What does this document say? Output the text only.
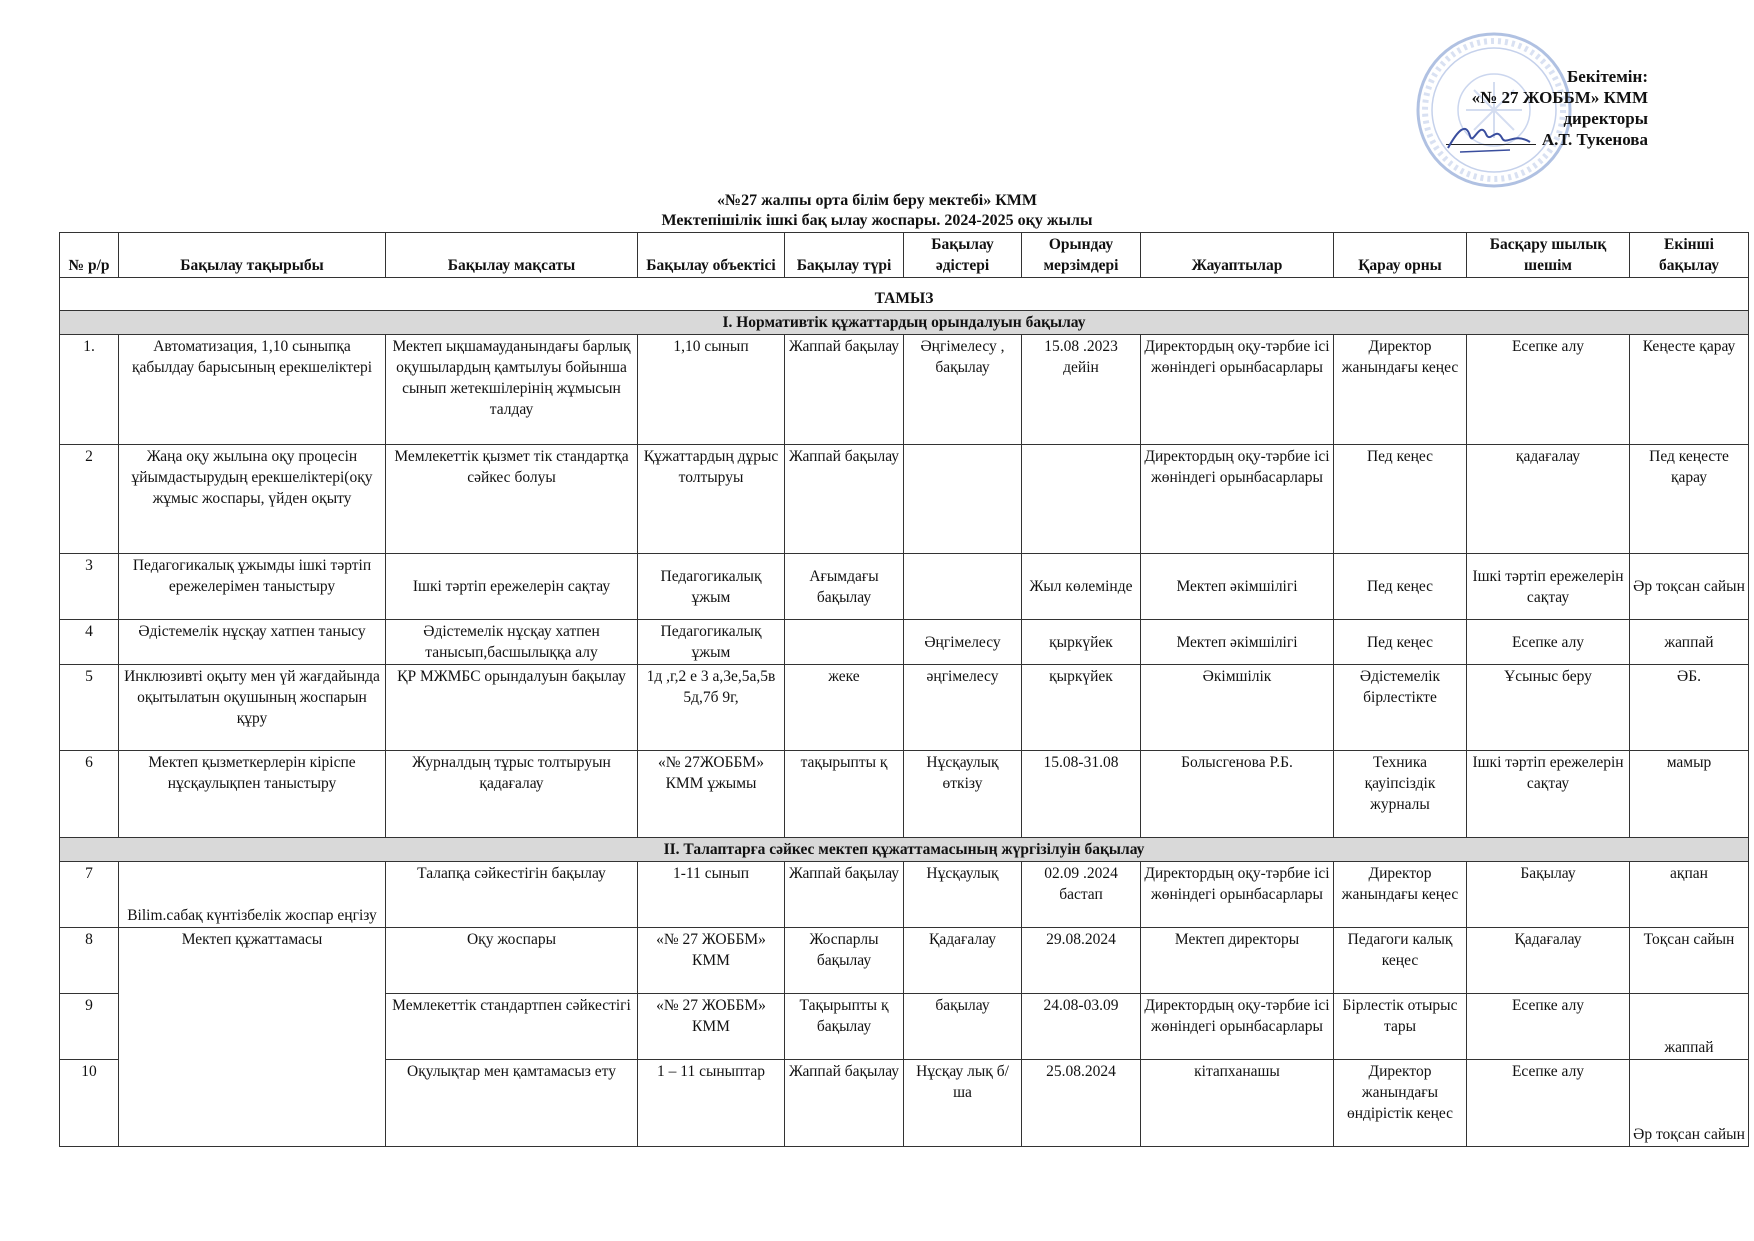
Бекітемін:
«№ 27 ЖОББМ» КММ
директоры
А.Т. Тукенова
«№27 жалпы орта білім беру мектебі» КММ
Мектепішілік ішкі бақ ылау жоспары. 2024-2025 оқу жылы
№ р/р	Бақылау тақырыбы	Бақылау мақсаты	Бақылау объектісі	Бақылау түрі	Бақылау әдістері	Орындау мерзімдері	Жауаптылар	Қарау орны	Басқару шылық шешім	Екінші бақылау
ТАМЫЗ										
І. Нормативтік құжаттардың орындалуын бақылау										
1.	Автоматизация, 1,10 сыныпқа қабылдау барысының ерекшеліктері	Мектеп ықшамауданындағы барлық оқушылардың қамтылуы бойынша сынып жетекшілерінің жұмысын талдау	1,10 сынып	Жаппай бақылау	Әңгімелесу , бақылау	15.08 .2023 дейін	Директордың оқу-тәрбие ісі жөніндегі орынбасарлары	Директор жанындағы кеңес	Есепке алу	Кеңесте қарау
2	Жаңа оқу жылына оқу процесін ұйымдастырудың ерекшеліктері(оқу жұмыс жоспары, үйден оқыту	Мемлекеттік қызмет тік стандартқа сәйкес болуы	Құжаттардың дұрыс толтыруы	Жаппай бақылау			Директордың оқу-тәрбие ісі жөніндегі орынбасарлары	Пед кеңес	қадағалау	Пед кеңесте қарау
3	Педагогикалық ұжымды ішкі тәртіп ережелерімен таныстыру	Ішкі тәртіп ережелерін сақтау	Педагогикалық ұжым	Ағымдағы бақылау		Жыл көлемінде	Мектеп әкімшілігі	Пед кеңес	Ішкі тәртіп ережелерін сақтау	Әр тоқсан сайын
4	Әдістемелік нұсқау хатпен танысу	Әдістемелік нұсқау хатпен танысып,басшылыққа алу	Педагогикалық ұжым		Әңгімелесу	қыркүйек	Мектеп әкімшілігі	Пед кеңес	Есепке алу	жаппай
5	Инклюзивті оқыту мен үй жағдайында оқытылатын оқушының жоспарын құру	ҚР МЖМБС орындалуын бақылау	1д ,г,2 е 3 а,3е,5а,5в 5д,7б 9г,	жеке	әңгімелесу	қыркүйек	Әкімшілік	Әдістемелік бірлестікте	Ұсыныс беру	ӘБ.
6	Мектеп қызметкерлерін кіріспе нұсқаулықпен таныстыру	Журналдың тұрыс толтыруын қадағалау	«№ 27ЖОББМ» КММ ұжымы	тақырыпты қ	Нұсқаулық өткізу	15.08-31.08	Болысгенова Р.Б.	Техника қауіпсіздік журналы	Ішкі тәртіп ережелерін сақтау	мамыр
ІІ. Талаптарға сәйкес мектеп құжаттамасының жүргізілуін бақылау										
7	Bilim.сабақ күнтізбелік жоспар еңгізу	Талапқа сәйкестігін бақылау	1-11 сынып	Жаппай бақылау	Нұсқаулық	02.09 .2024 бастап	Директордың оқу-тәрбие ісі жөніндегі орынбасарлары	Директор жанындағы кеңес	Бақылау	ақпан
8	Мектеп құжаттамасы	Оқу жоспары	«№ 27 ЖОББМ» КММ	Жоспарлы бақылау	Қадағалау	29.08.2024	Мектеп директоры	Педагоги калық кеңес	Қадағалау	Тоқсан сайын
9		Мемлекеттік стандартпен сәйкестігі	«№ 27 ЖОББМ» КММ	Тақырыпты қ бақылау	бақылау	24.08-03.09	Директордың оқу-тәрбие ісі жөніндегі орынбасарлары	Бірлестік отырыс тары	Есепке алу	жаппай
10		Оқулықтар мен қамтамасыз ету	1 – 11 сыныптар	Жаппай бақылау	Нұсқау лық б/ша	25.08.2024	кітапханашы	Директор жанындағы өндірістік кеңес	Есепке алу	Әр тоқсан сайын
